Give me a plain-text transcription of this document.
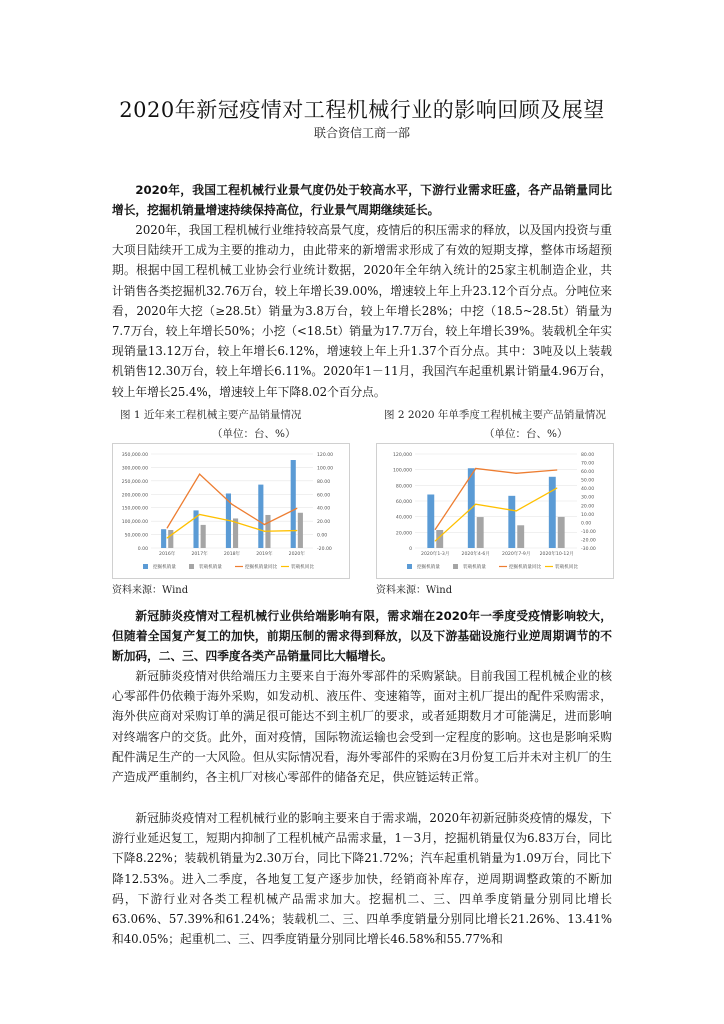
2020年新冠疫情对工程机械行业的影响回顾及展望
联合资信工商一部

2020年，我国工程机械行业景气度仍处于较高水平，下游行业需求旺盛，各产品销量同比增长，挖掘机销量增速持续保持高位，行业景气周期继续延长。

2020年，我国工程机械行业维持较高景气度，疫情后的积压需求的释放，以及国内投资与重大项目陆续开工成为主要的推动力，由此带来的新增需求形成了有效的短期支撑，整体市场超预期。根据中国工程机械工业协会行业统计数据，2020年全年纳入统计的25家主机制造企业，共计销售各类挖掘机32.76万台，较上年增长39.00%，增速较上年上升23.12个百分点。分吨位来看，2020年大挖（≥28.5t）销量为3.8万台，较上年增长28%；中挖（18.5~28.5t）销量为7.7万台，较上年增长50%；小挖（<18.5t）销量为17.7万台，较上年增长39%。装载机全年实现销量13.12万台，较上年增长6.12%，增速较上年上升1.37个百分点。其中：3吨及以上装载机销售12.30万台，较上年增长6.11%。2020年1－11月，我国汽车起重机累计销量4.96万台，较上年增长25.4%，增速较上年下降8.02个百分点。

图 1 近年来工程机械主要产品销量情况
（单位：台、%）
350,000.00
300,000.00
250,000.00
200,000.00
150,000.00
100,000.00
50,000.00
0.00
120.00
100.00
80.00
60.00
40.00
20.00
0.00
-20.00
2016年	2017年	2018年	2019年	2020年
挖掘机销量	装载机销量	挖掘机销量同比	装载机同比
资料来源：Wind
图 2 2020 年单季度工程机械主要产品销量情况
（单位：台、%）
120,000
100,000
80,000
60,000
40,000
20,000
0
80.00
70.00
60.00
50.00
40.00
30.00
20.00
10.00
0.00
-10.00
-20.00
-30.00
2020年1-3月	2020年4-6月	2020年7-9月 2020年10-12月
挖掘机销量	装载机销量	挖掘机销量同比	装载机同比
资料来源：Wind

新冠肺炎疫情对工程机械行业供给端影响有限，需求端在2020年一季度受疫情影响较大，但随着全国复产复工的加快，前期压制的需求得到释放，以及下游基础设施行业逆周期调节的不断加码，二、三、四季度各类产品销量同比大幅增长。

新冠肺炎疫情对供给端压力主要来自于海外零部件的采购紧缺。目前我国工程机械企业的核心零部件仍依赖于海外采购，如发动机、液压件、变速箱等，面对主机厂提出的配件采购需求，海外供应商对采购订单的满足很可能达不到主机厂的要求，或者延期数月才可能满足，进而影响对终端客户的交货。此外，面对疫情，国际物流运输也会受到一定程度的影响。这也是影响采购配件满足生产的一大风险。但从实际情况看，海外零部件的采购在3月份复工后并未对主机厂的生产造成严重制约，各主机厂对核心零部件的储备充足，供应链运转正常。

新冠肺炎疫情对工程机械行业的影响主要来自于需求端，2020年初新冠肺炎疫情的爆发，下游行业延迟复工，短期内抑制了工程机械产品需求量，1－3月，挖掘机销量仅为6.83万台，同比下降8.22%；装载机销量为2.30万台，同比下降21.72%；汽车起重机销量为1.09万台，同比下降12.53%。进入二季度，各地复工复产逐步加快，经销商补库存，逆周期调整政策的不断加码，下游行业对各类工程机械产品需求加大。挖掘机二、三、四单季度销量分别同比增长63.06%、57.39%和61.24%；装载机二、三、四单季度销量分别同比增长21.26%、13.41%和40.05%；起重机二、三、四季度销量分别同比增长46.58%和55.77%和
